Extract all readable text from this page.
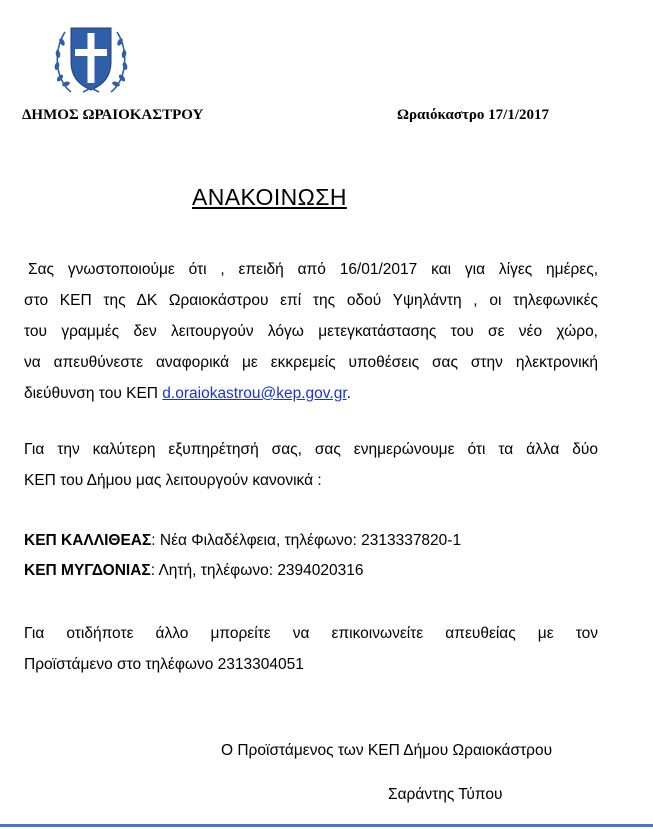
ΔΗΜΟΣ ΩΡΑΙΟΚΑΣΤΡΟΥ	Ωραιόκαστρο 17/1/2017
ΑΝΑΚΟΙΝΩΣΗ
Σας γνωστοποιούμε ότι , επειδή από 16/01/2017 και για λίγες ημέρες,
στο ΚΕΠ της ΔΚ Ωραιοκάστρου επί της οδού Υψηλάντη , οι τηλεφωνικές
του γραμμές δεν λειτουργούν λόγω μετεγκατάστασης του σε νέο χώρο,
να απευθύνεστε αναφορικά με εκκρεμείς υποθέσεις σας στην ηλεκτρονική
διεύθυνση του ΚΕΠ d.oraiokastrou@kep.gov.gr.
Για την καλύτερη εξυπηρέτησή σας, σας ενημερώνουμε ότι τα άλλα δύο
ΚΕΠ του Δήμου μας λειτουργούν κανονικά :
ΚΕΠ ΚΑΛΛΙΘΕΑΣ: Νέα Φιλαδέλφεια, τηλέφωνο: 2313337820-1
ΚΕΠ ΜΥΓΔΟΝΙΑΣ: Λητή, τηλέφωνο: 2394020316
Για οτιδήποτε άλλο μπορείτε να επικοινωνείτε απευθείας με τον
Προϊστάμενο στο τηλέφωνο 2313304051
Ο Προϊστάμενος των ΚΕΠ Δήμου Ωραιοκάστρου
Σαράντης Τύπου
